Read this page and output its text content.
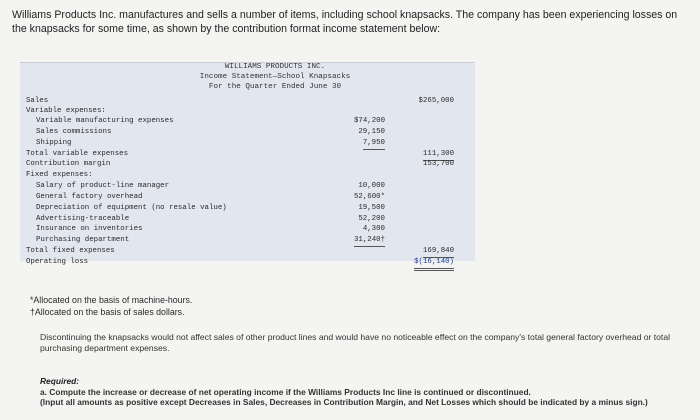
Williams Products Inc. manufactures and sells a number of items, including school knapsacks. The company has been experiencing losses on the knapsacks for some time, as shown by the contribution format income statement below:
WILLIAMS PRODUCTS INC.
Income Statement—School Knapsacks
For the Quarter Ended June 30
Sales	$265,000
Variable expenses:
Variable manufacturing expenses	$74,200
Sales commissions	29,150
Shipping	7,950
Total variable expenses	111,300
Contribution margin	153,700
Fixed expenses:
Salary of product-line manager	10,000
General factory overhead	52,600*
Depreciation of equipment (no resale value)	19,500
Advertising-traceable	52,200
Insurance on inventories	4,300
Purchasing department	31,240†
Total fixed expenses	169,840
Operating loss	$(16,140)
*Allocated on the basis of machine-hours.
†Allocated on the basis of sales dollars.
Discontinuing the knapsacks would not affect sales of other product lines and would have no noticeable effect on the company's total general factory overhead or total purchasing department expenses.
Required:
a. Compute the increase or decrease of net operating income if the Williams Products Inc line is continued or discontinued.
(Input all amounts as positive except Decreases in Sales, Decreases in Contribution Margin, and Net Losses which should be indicated by a minus sign.)
